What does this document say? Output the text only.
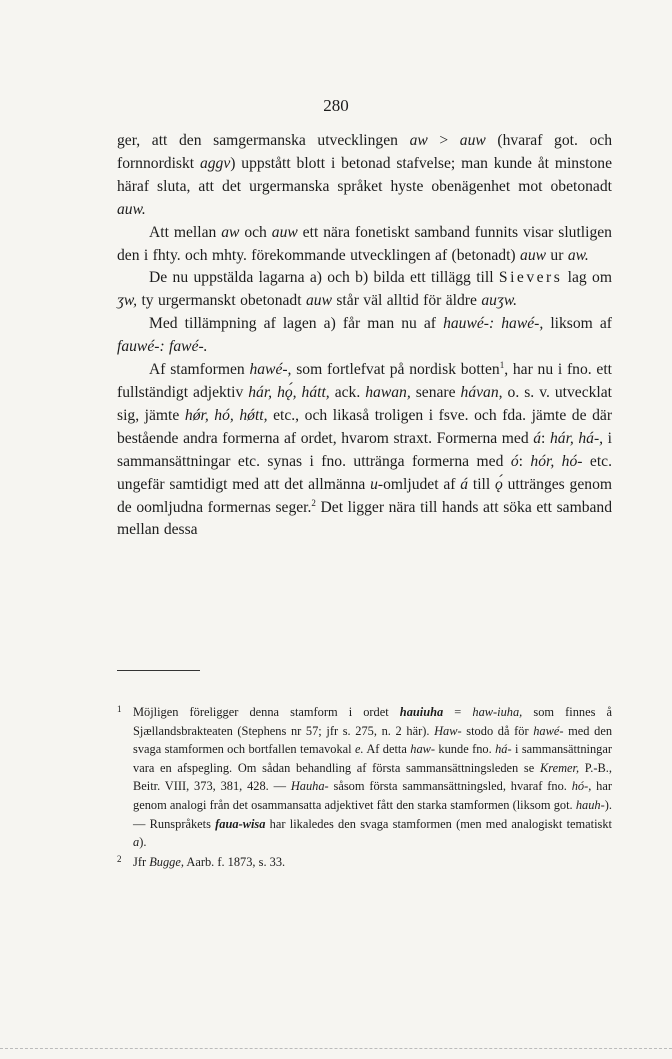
280

ger, att den samgermanska utvecklingen aw > auw (hvaraf got. och fornnordiskt aggv) uppstått blott i betonad stafvelse; man kunde åt minstone häraf sluta, att det urgermanska språket hyste obenägenhet mot obetonadt auw.

Att mellan aw och auw ett nära fonetiskt samband funnits visar slutligen den i fhty. och mhty. förekommande utvecklingen af (betonadt) auw ur aw.

De nu uppstälda lagarna a) och b) bilda ett tillägg till Sievers lag om ʒw, ty urgermanskt obetonadt auw står väl alltid för äldre auʒw.

Med tillämpning af lagen a) får man nu af hauwé-: hawé-, liksom af fauwé-: fawé-.

Af stamformen hawé-, som fortlefvat på nordisk botten$^1$, har nu i fno. ett fullständigt adjektiv hár, hǫ́, hátt, ack. hawan, senare hávan, o. s. v. utvecklat sig, jämte hǿr, hó, hǿtt, etc., och likaså troligen i fsve. och fda. jämte de där bestående andra formerna af ordet, hvarom straxt. Formerna med á: hár, há-, i sammansättningar etc. synas i fno. uttränga formerna med ó: hór, hó- etc. ungefär samtidigt med att det allmänna u-omljudet af á till ǫ́ uttränges genom de oomljudna formernas seger.$^2$ Det ligger nära till hands att söka ett samband mellan dessa

1 Möjligen föreligger denna stamform i ordet hauiuha = haw-iuha, som finnes å Sjællandsbrakteaten (Stephens nr 57; jfr s. 275, n. 2 här). Haw- stodo då för hawé- med den svaga stamformen och bortfallen temavokal e. Af detta haw- kunde fno. há- i sammansättningar vara en afspegling. Om sådan behandling af första sammansättningsleden se Kremer, P.-B., Beitr. VIII, 373, 381, 428. — Hauha- såsom första sammansättningsled, hvaraf fno. hó-, har genom analogi från det osammansatta adjektivet fått den starka stamformen (liksom got. hauh-). — Runspråkets faua-wisa har likaledes den svaga stamformen (men med analogiskt tematiskt a).
2 Jfr Bugge, Aarb. f. 1873, s. 33.
